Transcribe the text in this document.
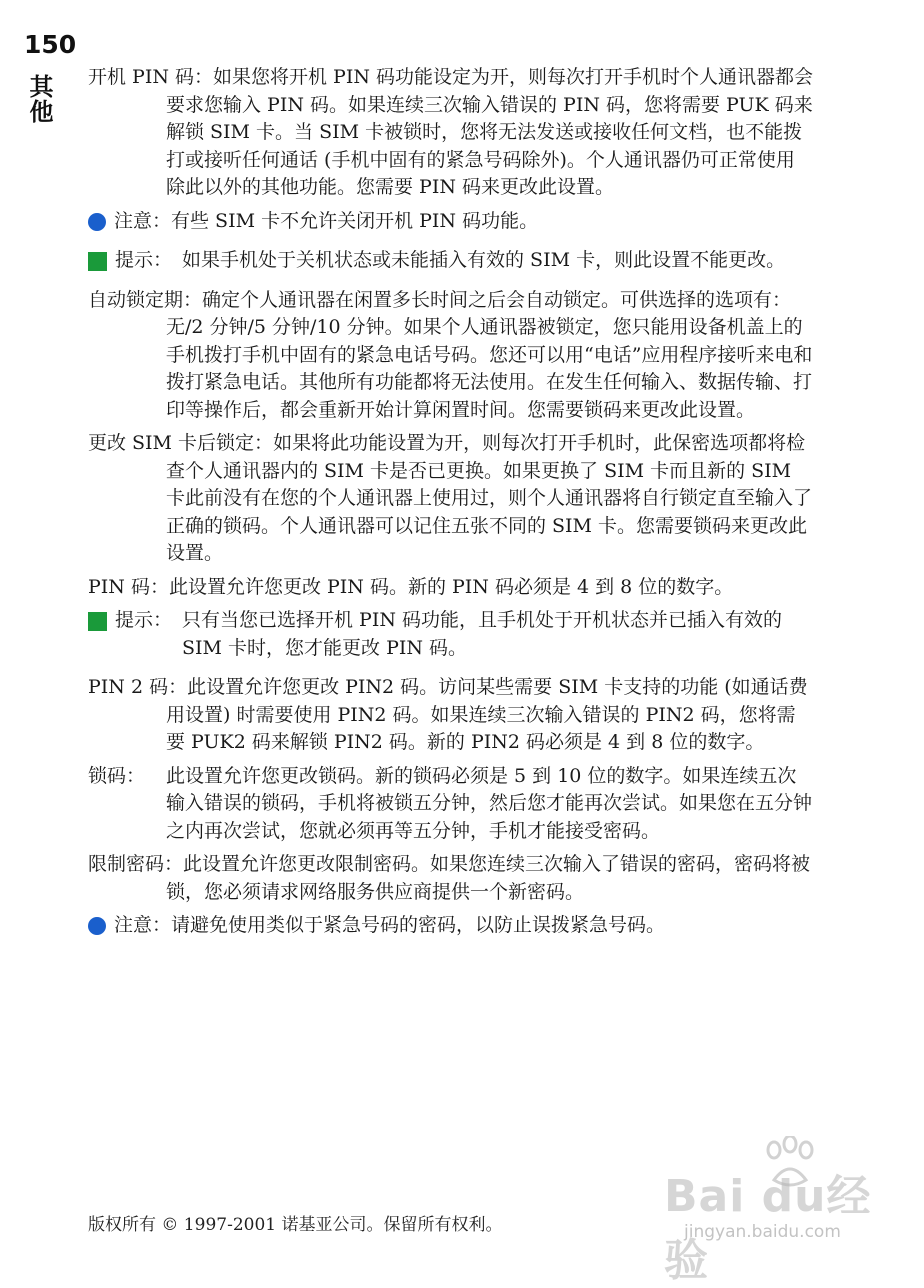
150
其他 开机 PIN 码：如果您将开机 PIN 码功能设定为开，则每次打开手机时个人通讯器都会要求您输入 PIN 码。如果连续三次输入错误的 PIN 码，您将需要 PUK 码来解锁 SIM 卡。当 SIM 卡被锁时，您将无法发送或接收任何文档，也不能拨打或接听任何通话 (手机中固有的紧急号码除外)。个人通讯器仍可正常使用除此以外的其他功能。您需要 PIN 码来更改此设置。
注意： 有些 SIM 卡不允许关闭开机 PIN 码功能。
提示： 如果手机处于关机状态或未能插入有效的 SIM 卡，则此设置不能更改。
自动锁定期：确定个人通讯器在闲置多长时间之后会自动锁定。可供选择的选项有：无/2 分钟/5 分钟/10 分钟。如果个人通讯器被锁定，您只能用设备机盖上的手机拨打手机中固有的紧急电话号码。您还可以用“电话”应用程序接听来电和拨打紧急电话。其他所有功能都将无法使用。在发生任何输入、数据传输、打印等操作后，都会重新开始计算闲置时间。您需要锁码来更改此设置。
更改 SIM 卡后锁定：如果将此功能设置为开，则每次打开手机时，此保密选项都将检查个人通讯器内的 SIM 卡是否已更换。如果更换了 SIM 卡而且新的 SIM 卡此前没有在您的个人通讯器上使用过，则个人通讯器将自行锁定直至输入了正确的锁码。个人通讯器可以记住五张不同的 SIM 卡。您需要锁码来更改此设置。
PIN 码：此设置允许您更改 PIN 码。新的 PIN 码必须是 4 到 8 位的数字。
提示： 只有当您已选择开机 PIN 码功能，且手机处于开机状态并已插入有效的 SIM 卡时，您才能更改 PIN 码。
PIN 2 码：此设置允许您更改 PIN2 码。访问某些需要 SIM 卡支持的功能 (如通话费用设置) 时需要使用 PIN2 码。如果连续三次输入错误的 PIN2 码，您将需要 PUK2 码来解锁 PIN2 码。新的 PIN2 码必须是 4 到 8 位的数字。
锁码：	此设置允许您更改锁码。新的锁码必须是 5 到 10 位的数字。如果连续五次输入错误的锁码，手机将被锁五分钟，然后您才能再次尝试。如果您在五分钟之内再次尝试，您就必须再等五分钟，手机才能接受密码。
限制密码：此设置允许您更改限制密码。如果您连续三次输入了错误的密码，密码将被锁，您必须请求网络服务供应商提供一个新密码。
注意： 请避免使用类似于紧急号码的密码，以防止误拨紧急号码。
Bai du经验
jingyan.baidu.com
版权所有 © 1997-2001 诺基亚公司。保留所有权利。
